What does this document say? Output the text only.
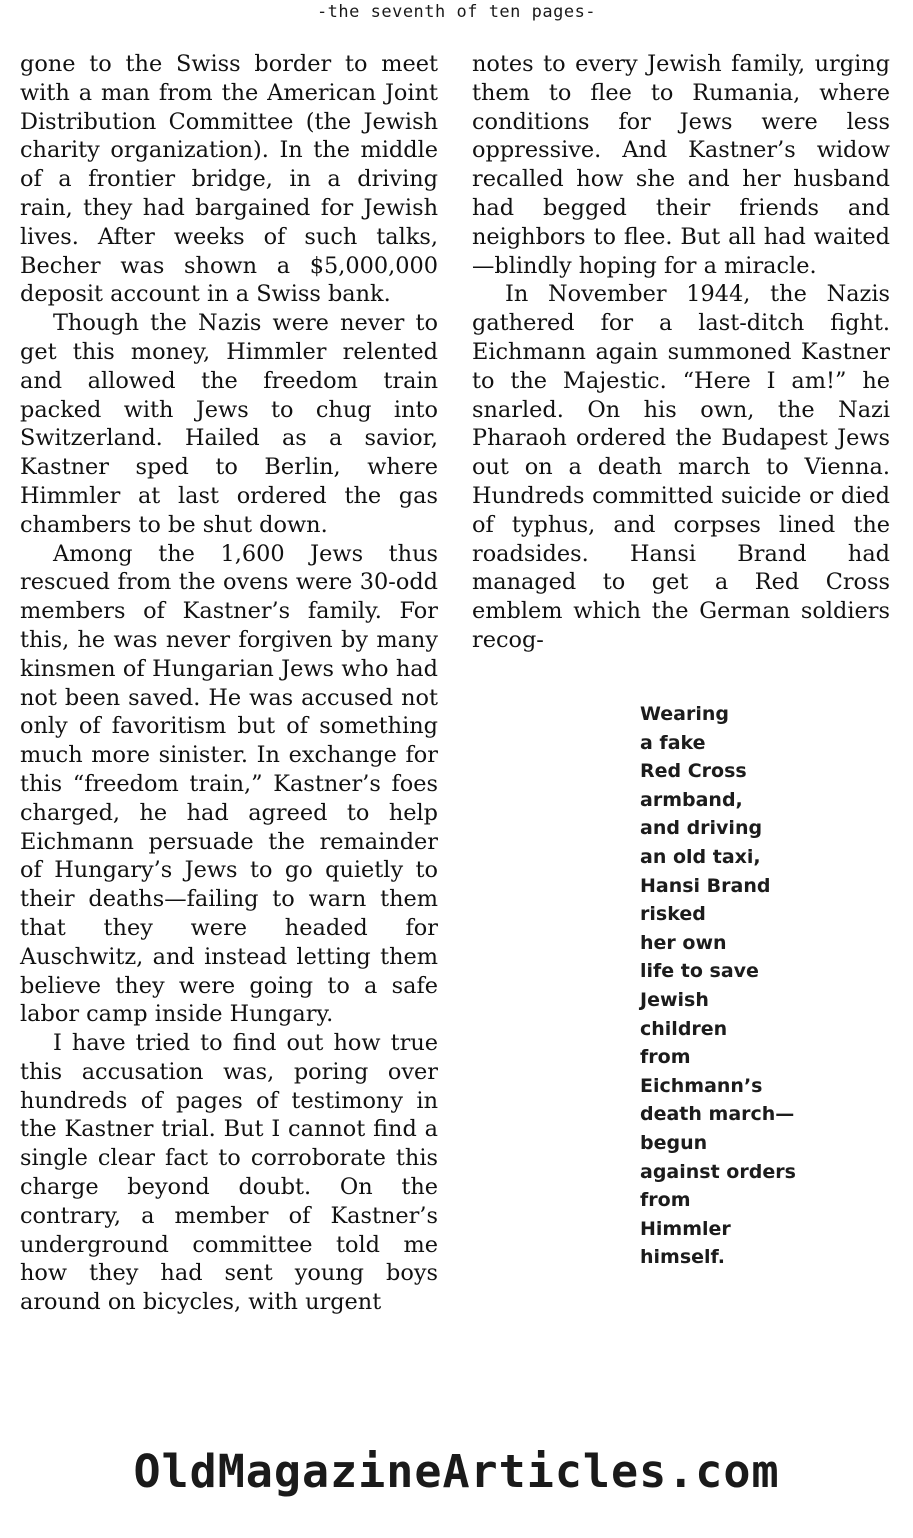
-the seventh of ten pages-

gone to the Swiss border to meet with a man from the American Joint Distribution Committee (the Jewish charity organization). In the middle of a frontier bridge, in a driving rain, they had bargained for Jewish lives. After weeks of such talks, Becher was shown a $5,000,000 deposit account in a Swiss bank.

Though the Nazis were never to get this money, Himmler relented and allowed the freedom train packed with Jews to chug into Switzerland. Hailed as a savior, Kastner sped to Berlin, where Himmler at last ordered the gas chambers to be shut down.

Among the 1,600 Jews thus rescued from the ovens were 30-odd members of Kastner’s family. For this, he was never forgiven by many kinsmen of Hungarian Jews who had not been saved. He was accused not only of favoritism but of something much more sinister. In exchange for this “freedom train,” Kastner’s foes charged, he had agreed to help Eichmann persuade the remainder of Hungary’s Jews to go quietly to their deaths—failing to warn them that they were headed for Auschwitz, and instead letting them believe they were going to a safe labor camp inside Hungary.

I have tried to find out how true this accusation was, poring over hundreds of pages of testimony in the Kastner trial. But I cannot find a single clear fact to corroborate this charge beyond doubt. On the contrary, a member of Kastner’s underground committee told me how they had sent young boys around on bicycles, with urgent

notes to every Jewish family, urging them to flee to Rumania, where conditions for Jews were less oppressive. And Kastner’s widow recalled how she and her husband had begged their friends and neighbors to flee. But all had waited—blindly hoping for a miracle.

In November 1944, the Nazis gathered for a last-ditch fight. Eichmann again summoned Kastner to the Majestic. “Here I am!” he snarled. On his own, the Nazi Pharaoh ordered the Budapest Jews out on a death march to Vienna. Hundreds committed suicide or died of typhus, and corpses lined the roadsides. Hansi Brand had managed to get a Red Cross emblem which the German soldiers recog-

Wearing
a fake
Red Cross
armband,
and driving
an old taxi,
Hansi Brand
risked
her own
life to save
Jewish
children
from
Eichmann’s
death march—
begun
against orders
from
Himmler
himself.
OldMagazineArticles.com
